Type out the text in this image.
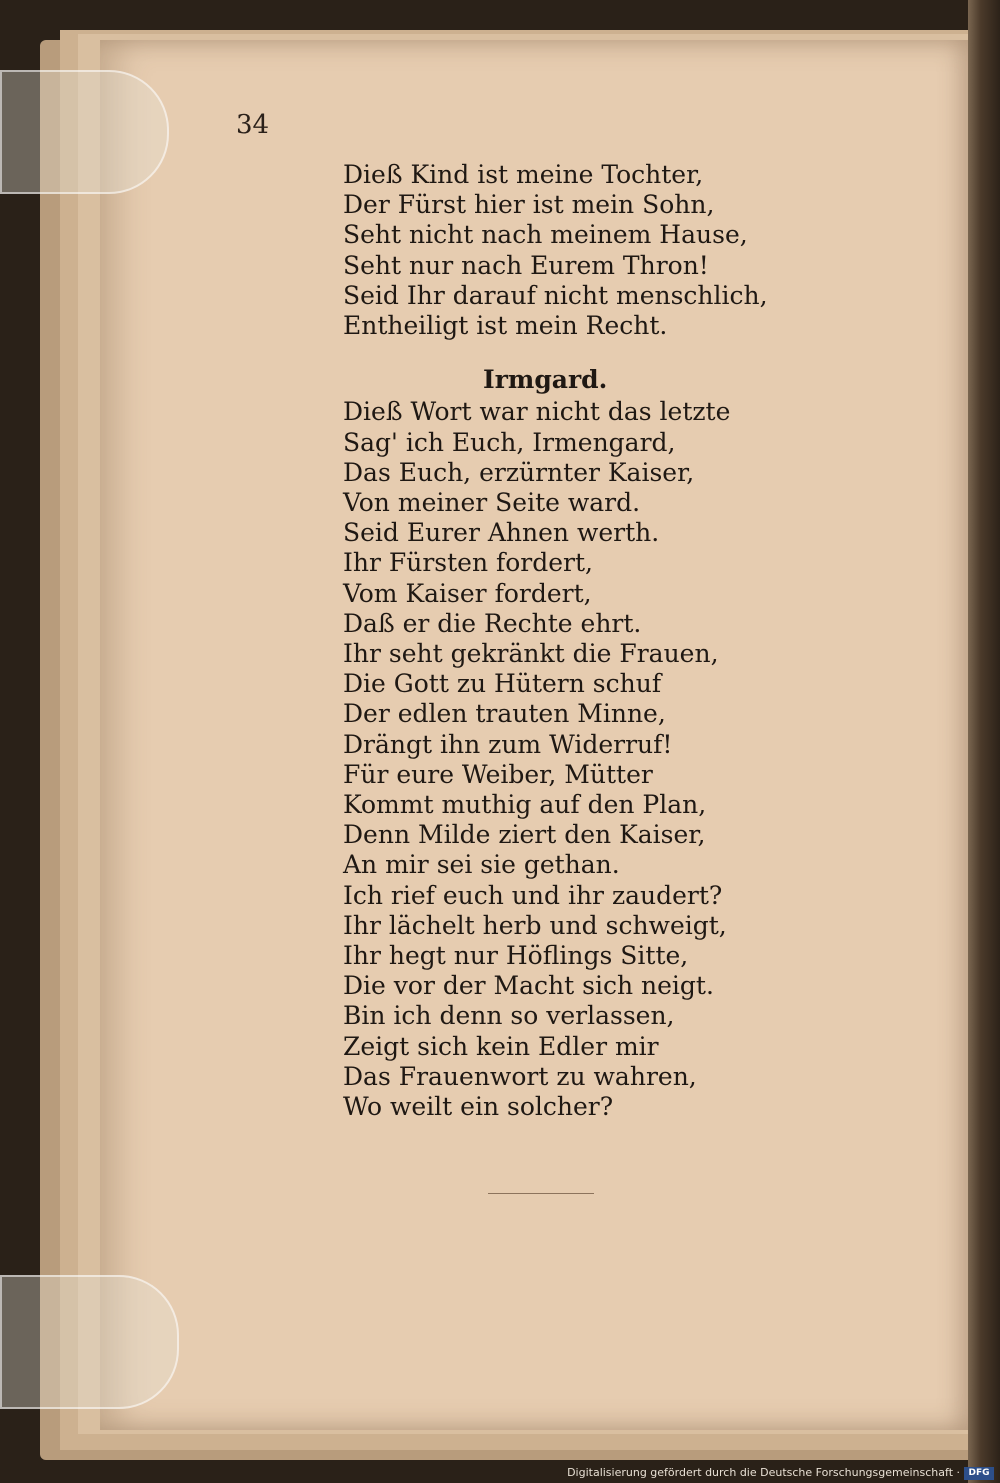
34
Dieß Kind ist meine Tochter,
Der Fürst hier ist mein Sohn,
Seht nicht nach meinem Hause,
Seht nur nach Eurem Thron!
Seid Ihr darauf nicht menschlich,
Entheiligt ist mein Recht.
Irmgard.
Dieß Wort war nicht das letzte
Sag' ich Euch, Irmengard,
Das Euch, erzürnter Kaiser,
Von meiner Seite ward.
Seid Eurer Ahnen werth.
Ihr Fürsten fordert,
Vom Kaiser fordert,
Daß er die Rechte ehrt.
Ihr seht gekränkt die Frauen,
Die Gott zu Hütern schuf
Der edlen trauten Minne,
Drängt ihn zum Widerruf!
Für eure Weiber, Mütter
Kommt muthig auf den Plan,
Denn Milde ziert den Kaiser,
An mir sei sie gethan.
Ich rief euch und ihr zaudert?
Ihr lächelt herb und schweigt,
Ihr hegt nur Höflings Sitte,
Die vor der Macht sich neigt.
Bin ich denn so verlassen,
Zeigt sich kein Edler mir
Das Frauenwort zu wahren,
Wo weilt ein solcher?
Digitalisierung gefördert durch die Deutsche Forschungsgemeinschaft · DFG
